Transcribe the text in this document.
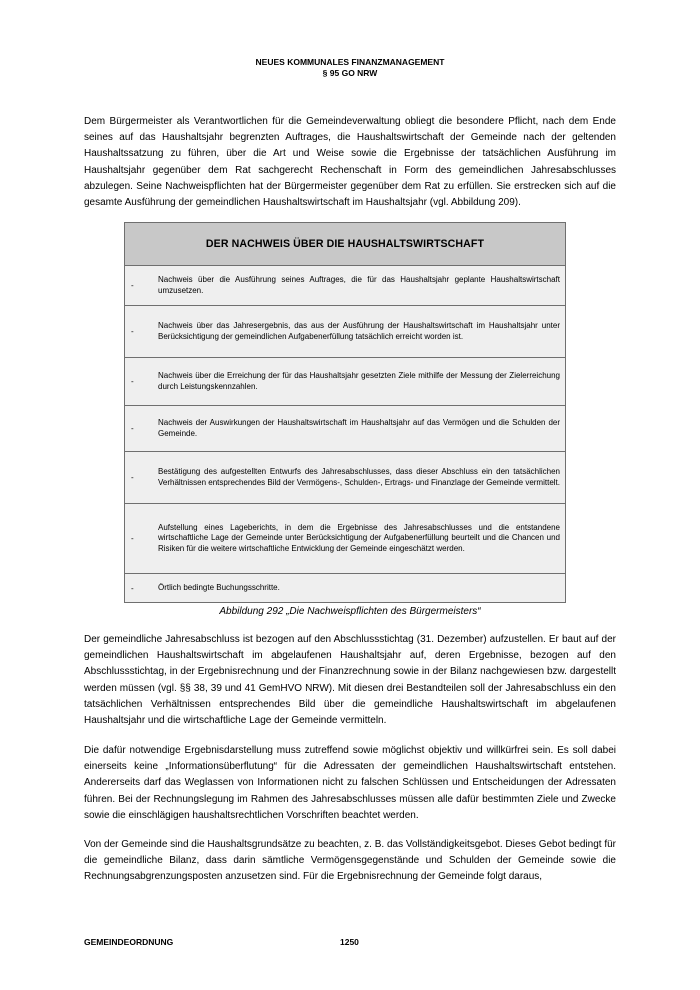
NEUES KOMMUNALES FINANZMANAGEMENT
§ 95 GO NRW

Dem Bürgermeister als Verantwortlichen für die Gemeindeverwaltung obliegt die besondere Pflicht, nach dem Ende seines auf das Haushaltsjahr begrenzten Auftrages, die Haushaltswirtschaft der Gemeinde nach der geltenden Haushaltssatzung zu führen, über die Art und Weise sowie die Ergebnisse der tatsächlichen Ausführung im Haushaltsjahr gegenüber dem Rat sachgerecht Rechenschaft in Form des gemeindlichen Jahresabschlusses abzulegen. Seine Nachweispflichten hat der Bürgermeister gegenüber dem Rat zu erfüllen. Sie erstrecken sich auf die gesamte Ausführung der gemeindlichen Haushaltswirtschaft im Haushaltsjahr (vgl. Abbildung 209).

DER NACHWEIS ÜBER DIE HAUSHALTSWIRTSCHAFT
-
Nachweis über die Ausführung seines Auftrages, die für das Haushaltsjahr geplante Haushaltswirtschaft umzusetzen.
-
Nachweis über das Jahresergebnis, das aus der Ausführung der Haushaltswirtschaft im Haushaltsjahr unter Berücksichtigung der gemeindlichen Aufgabenerfüllung tatsächlich erreicht worden ist.
-
Nachweis über die Erreichung der für das Haushaltsjahr gesetzten Ziele mithilfe der Messung der Zielerreichung durch Leistungskennzahlen.
-
Nachweis der Auswirkungen der Haushaltswirtschaft im Haushaltsjahr auf das Vermögen und die Schulden der Gemeinde.
-
Bestätigung des aufgestellten Entwurfs des Jahresabschlusses, dass dieser Abschluss ein den tatsächlichen Verhältnissen entsprechendes Bild der Vermögens-, Schulden-, Ertrags- und Finanzlage der Gemeinde vermittelt.
-
Aufstellung eines Lageberichts, in dem die Ergebnisse des Jahresabschlusses und die entstandene wirtschaftliche Lage der Gemeinde unter Berücksichtigung der Aufgabenerfüllung beurteilt und die Chancen und Risiken für die weitere wirtschaftliche Entwicklung der Gemeinde eingeschätzt werden.
-	Örtlich bedingte Buchungsschritte.
Abbildung 292 „Die Nachweispflichten des Bürgermeisters“

Der gemeindliche Jahresabschluss ist bezogen auf den Abschlussstichtag (31. Dezember) aufzustellen. Er baut auf der gemeindlichen Haushaltswirtschaft im abgelaufenen Haushaltsjahr auf, deren Ergebnisse, bezogen auf den Abschlussstichtag, in der Ergebnisrechnung und der Finanzrechnung sowie in der Bilanz nachgewiesen bzw. dargestellt werden müssen (vgl. §§ 38, 39 und 41 GemHVO NRW). Mit diesen drei Bestandteilen soll der Jahresabschluss ein den tatsächlichen Verhältnissen entsprechendes Bild über die gemeindliche Haushaltswirtschaft im abgelaufenen Haushaltsjahr und die wirtschaftliche Lage der Gemeinde vermitteln.

Die dafür notwendige Ergebnisdarstellung muss zutreffend sowie möglichst objektiv und willkürfrei sein. Es soll dabei einerseits keine „Informationsüberflutung“ für die Adressaten der gemeindlichen Haushaltswirtschaft entstehen. Andererseits darf das Weglassen von Informationen nicht zu falschen Schlüssen und Entscheidungen der Adressaten führen. Bei der Rechnungslegung im Rahmen des Jahresabschlusses müssen alle dafür bestimmten Ziele und Zwecke sowie die einschlägigen haushaltsrechtlichen Vorschriften beachtet werden.

Von der Gemeinde sind die Haushaltsgrundsätze zu beachten, z. B. das Vollständigkeitsgebot. Dieses Gebot bedingt für die gemeindliche Bilanz, dass darin sämtliche Vermögensgegenstände und Schulden der Gemeinde sowie die Rechnungsabgrenzungsposten anzusetzen sind. Für die Ergebnisrechnung der Gemeinde folgt daraus,

GEMEINDEORDNUNG	1250
